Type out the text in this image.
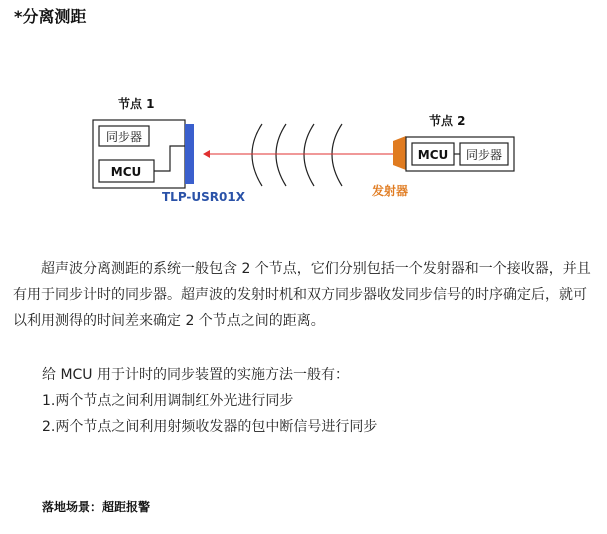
*分离测距
节点 1
同步器
MCU
TLP-USR01X
节点 2
MCU 同步器
发射器

超声波分离测距的系统一般包含 2 个节点，它们分别包括一个发射器和一个接收器，并且有用于同步计时的同步器。超声波的发射时机和双方同步器收发同步信号的时序确定后，就可以利用测得的时间差来确定 2 个节点之间的距离。

给 MCU 用于计时的同步装置的实施方法一般有：

1.两个节点之间利用调制红外光进行同步

2.两个节点之间利用射频收发器的包中断信号进行同步

落地场景：超距报警
